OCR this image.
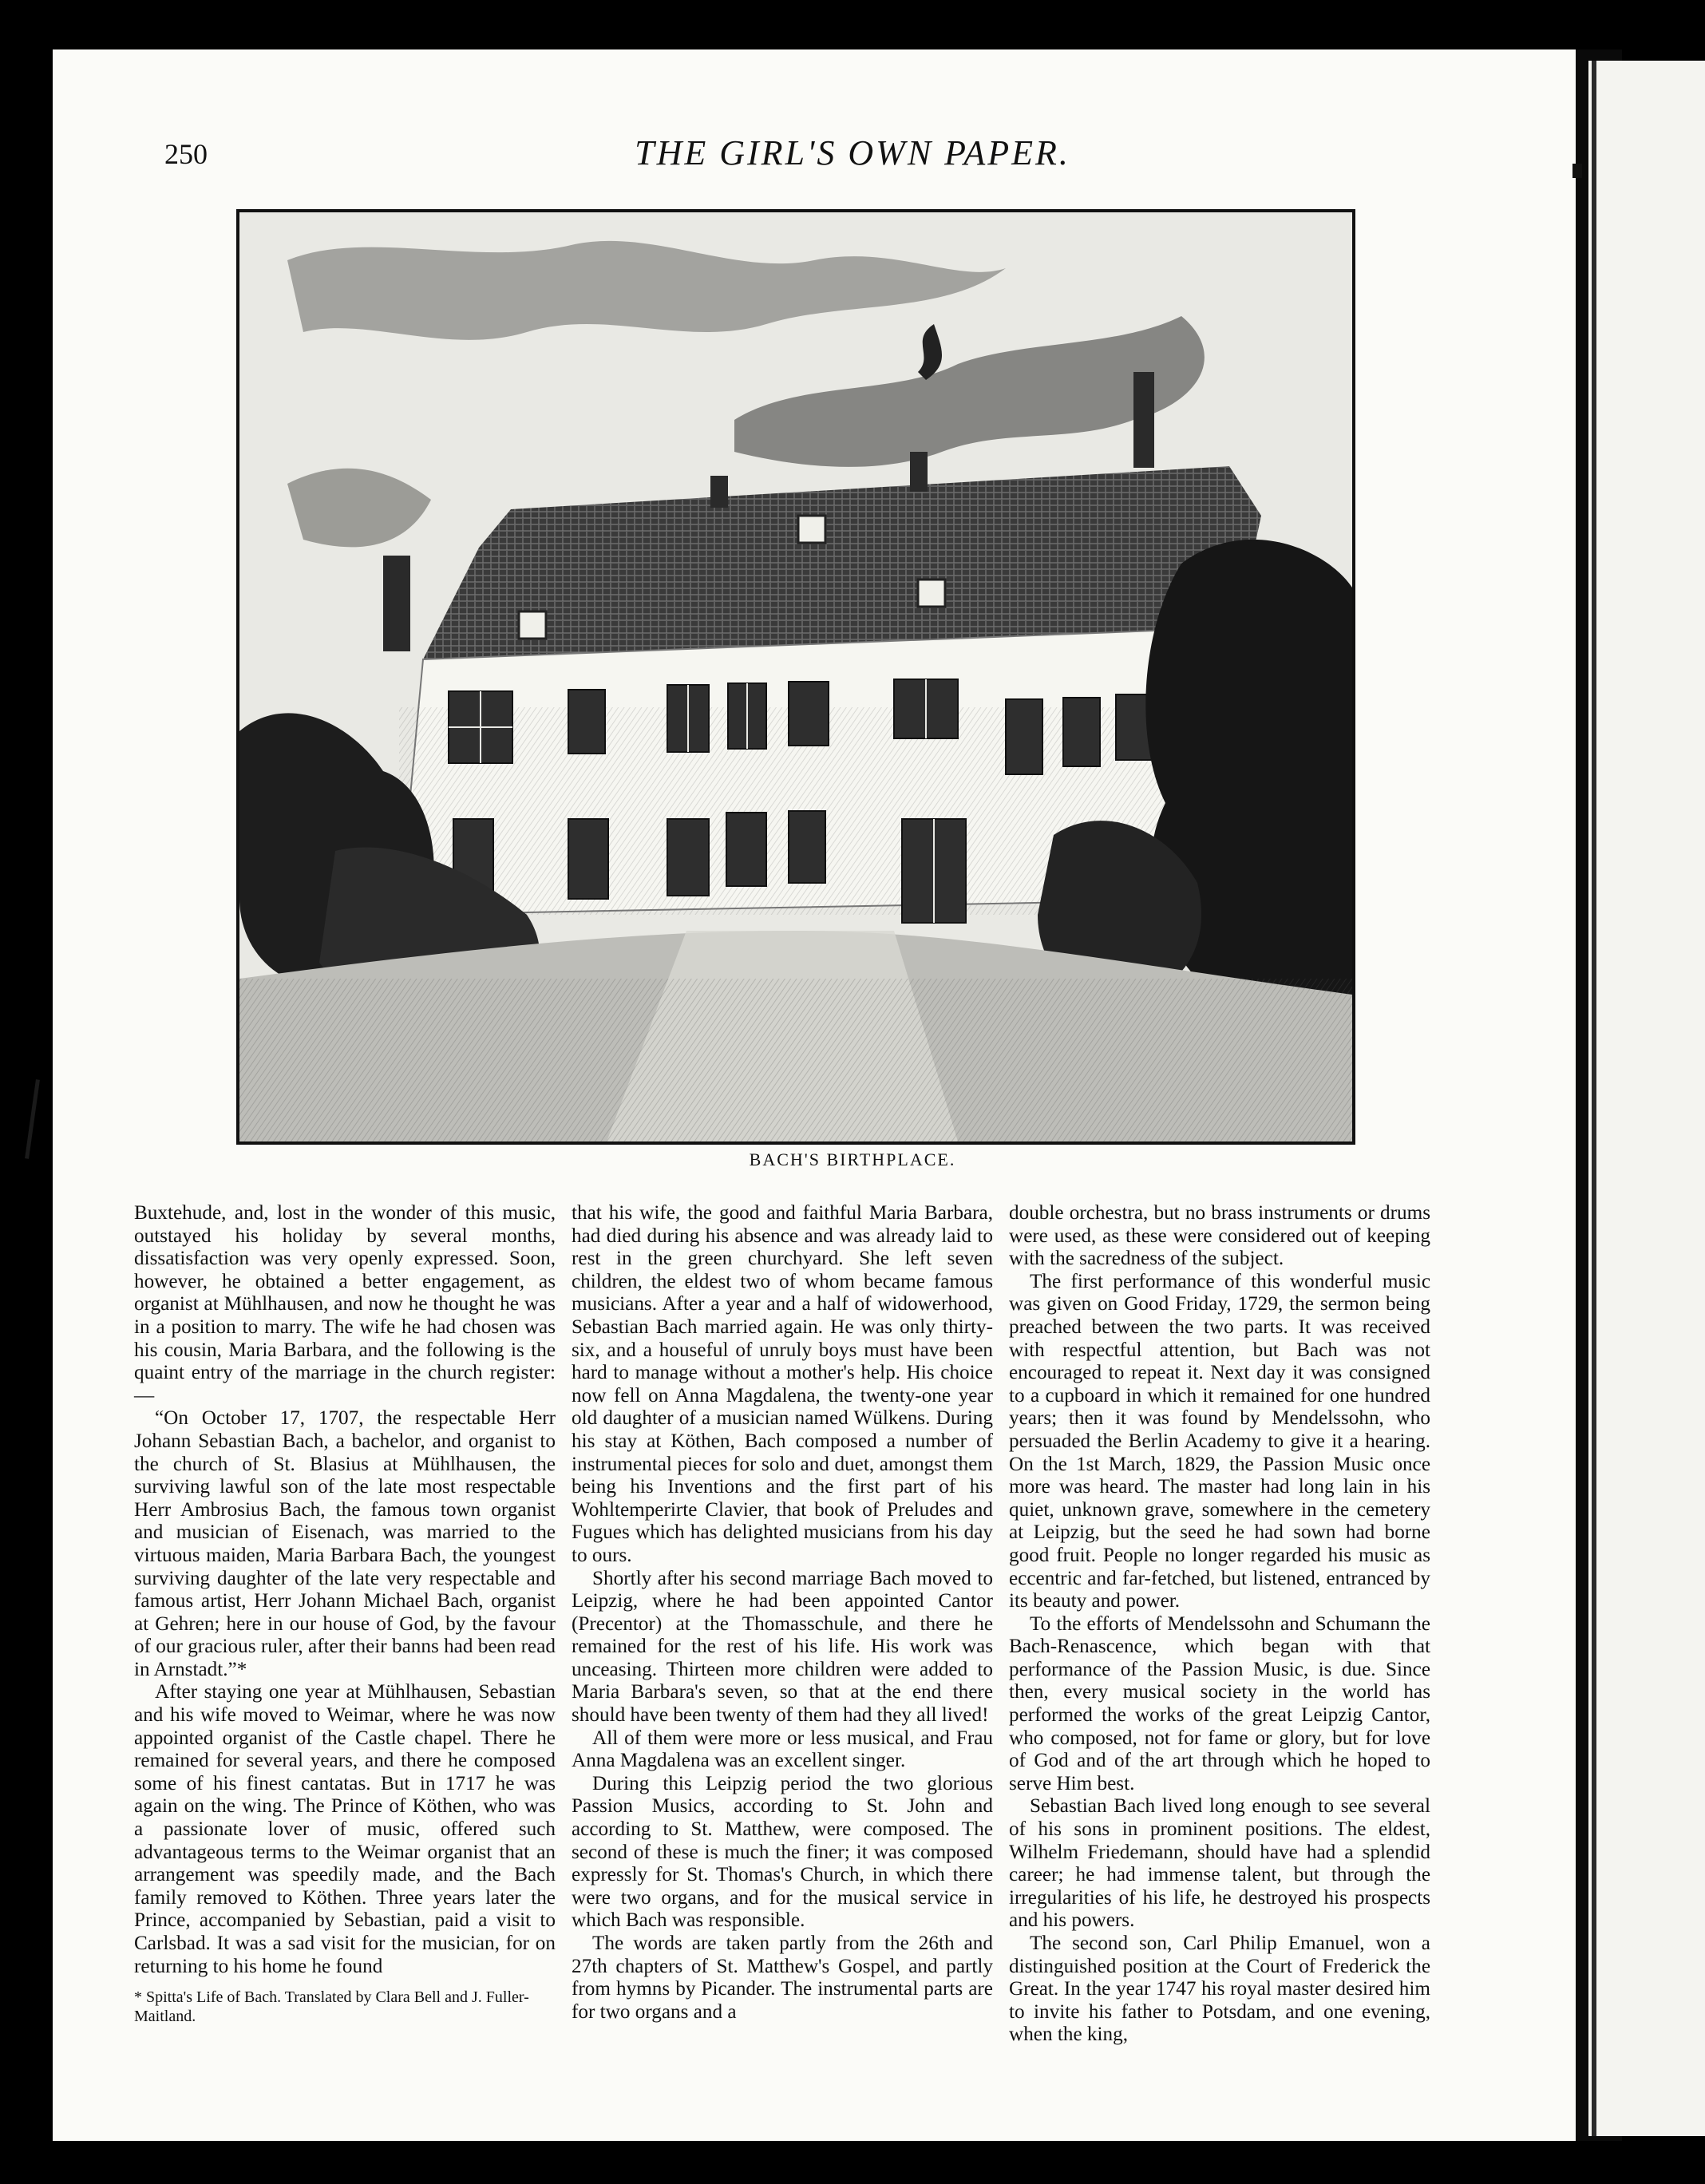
250	THE GIRL'S OWN PAPER.
BACH'S BIRTHPLACE.

Buxtehude, and, lost in the wonder of this music, outstayed his holiday by several months, dissatisfaction was very openly expressed. Soon, however, he obtained a better engagement, as organist at Mühlhausen, and now he thought he was in a position to marry. The wife he had chosen was his cousin, Maria Barbara, and the following is the quaint entry of the marriage in the church register:—

“On October 17, 1707, the respectable Herr Johann Sebastian Bach, a bachelor, and organist to the church of St. Blasius at Mühlhausen, the surviving lawful son of the late most respectable Herr Ambrosius Bach, the famous town organist and musician of Eisenach, was married to the virtuous maiden, Maria Barbara Bach, the youngest surviving daughter of the late very respectable and famous artist, Herr Johann Michael Bach, organist at Gehren; here in our house of God, by the favour of our gracious ruler, after their banns had been read in Arnstadt.”*

After staying one year at Mühlhausen, Sebastian and his wife moved to Weimar, where he was now appointed organist of the Castle chapel. There he remained for several years, and there he composed some of his finest cantatas. But in 1717 he was again on the wing. The Prince of Köthen, who was a passionate lover of music, offered such advantageous terms to the Weimar organist that an arrangement was speedily made, and the Bach family removed to Köthen. Three years later the Prince, accompanied by Sebastian, paid a visit to Carlsbad. It was a sad visit for the musician, for on returning to his home he found

that his wife, the good and faithful Maria Barbara, had died during his absence and was already laid to rest in the green churchyard. She left seven children, the eldest two of whom became famous musicians. After a year and a half of widowerhood, Sebastian Bach married again. He was only thirty-six, and a houseful of unruly boys must have been hard to manage without a mother's help. His choice now fell on Anna Magdalena, the twenty-one year old daughter of a musician named Wülkens. During his stay at Köthen, Bach composed a number of instrumental pieces for solo and duet, amongst them being his Inventions and the first part of his Wohltemperirte Clavier, that book of Preludes and Fugues which has delighted musicians from his day to ours.

Shortly after his second marriage Bach moved to Leipzig, where he had been appointed Cantor (Precentor) at the Thomasschule, and there he remained for the rest of his life. His work was unceasing. Thirteen more children were added to Maria Barbara's seven, so that at the end there should have been twenty of them had they all lived!

All of them were more or less musical, and Frau Anna Magdalena was an excellent singer.

During this Leipzig period the two glorious Passion Musics, according to St. John and according to St. Matthew, were composed. The second of these is much the finer; it was composed expressly for St. Thomas's Church, in which there were two organs, and for the musical service in which Bach was responsible.

The words are taken partly from the 26th and 27th chapters of St. Matthew's Gospel, and partly from hymns by Picander. The instrumental parts are for two organs and a

double orchestra, but no brass instruments or drums were used, as these were considered out of keeping with the sacredness of the subject.

The first performance of this wonderful music was given on Good Friday, 1729, the sermon being preached between the two parts. It was received with respectful attention, but Bach was not encouraged to repeat it. Next day it was consigned to a cupboard in which it remained for one hundred years; then it was found by Mendelssohn, who persuaded the Berlin Academy to give it a hearing. On the 1st March, 1829, the Passion Music once more was heard. The master had long lain in his quiet, unknown grave, somewhere in the cemetery at Leipzig, but the seed he had sown had borne good fruit. People no longer regarded his music as eccentric and far-fetched, but listened, entranced by its beauty and power.

To the efforts of Mendelssohn and Schumann the Bach-Renascence, which began with that performance of the Passion Music, is due. Since then, every musical society in the world has performed the works of the great Leipzig Cantor, who composed, not for fame or glory, but for love of God and of the art through which he hoped to serve Him best.

Sebastian Bach lived long enough to see several of his sons in prominent positions. The eldest, Wilhelm Friedemann, should have had a splendid career; he had immense talent, but through the irregularities of his life, he destroyed his prospects and his powers.

The second son, Carl Philip Emanuel, won a distinguished position at the Court of Frederick the Great. In the year 1747 his royal master desired him to invite his father to Potsdam, and one evening, when the king,

* Spitta's Life of Bach. Translated by Clara Bell and J. Fuller-Maitland.
